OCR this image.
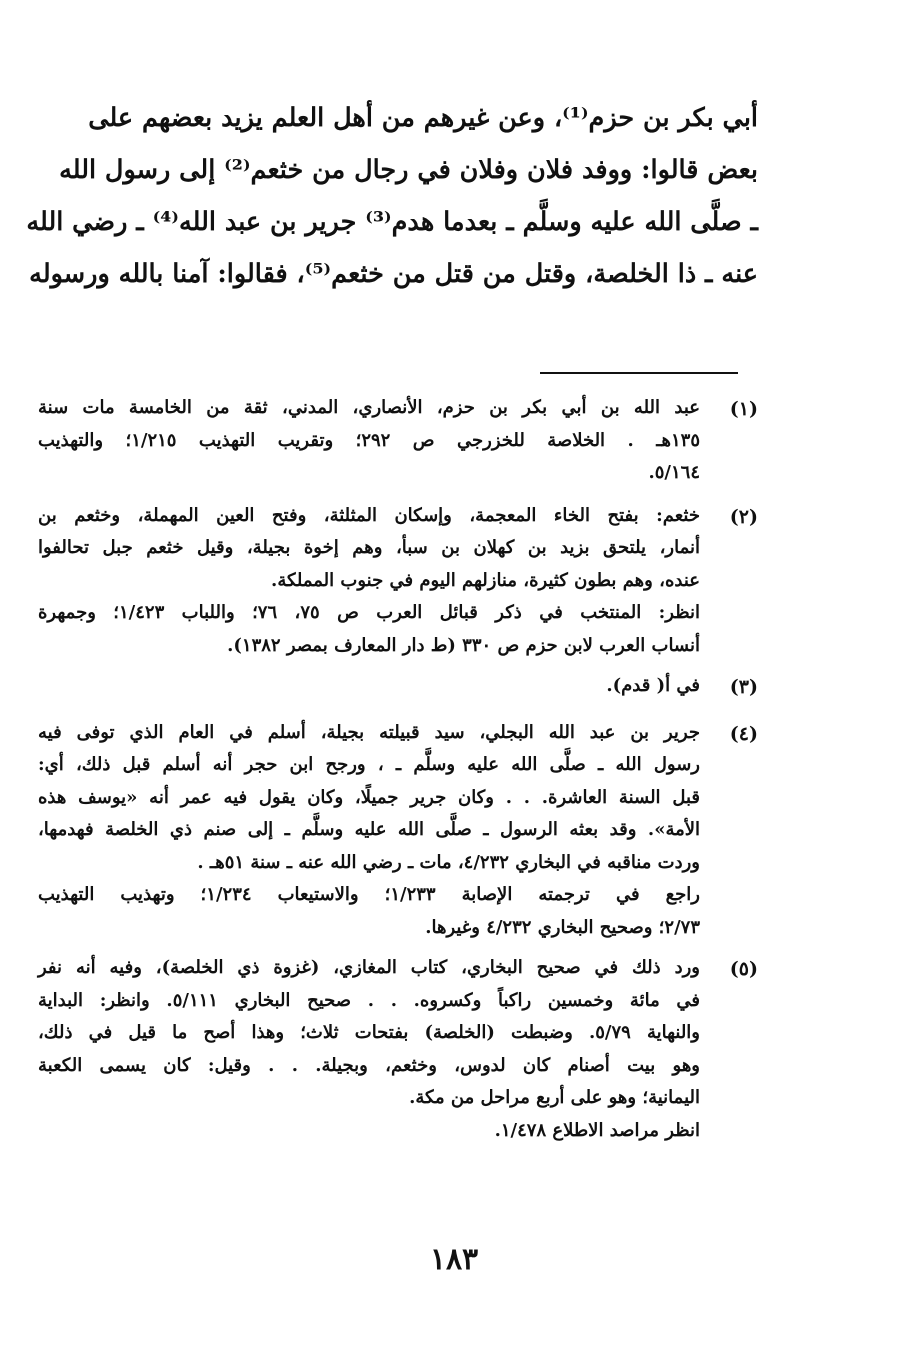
أبي بكر بن حزم⁽¹⁾، وعن غيرهم من أهل العلم يزيد بعضهم على
بعض قالوا: ووفد فلان وفلان في رجال من خثعم⁽²⁾ إلى رسول الله
ـ صلَّى الله عليه وسلَّم ـ بعدما هدم⁽³⁾ جرير بن عبد الله⁽⁴⁾ ـ رضي الله
عنه ـ ذا الخلصة، وقتل من قتل من خثعم⁽⁵⁾، فقالوا: آمنا بالله ورسوله
(١)
عبد الله بن أبي بكر بن حزم، الأنصاري، المدني، ثقة من الخامسة مات سنة
١٣٥هـ . الخلاصة للخزرجي ص ٢٩٢؛ وتقريب التهذيب ١/٢١٥؛ والتهذيب
٥/١٦٤.
(٢)
خثعم: بفتح الخاء المعجمة، وإسكان المثلثة، وفتح العين المهملة، وخثعم بن
أنمار، يلتحق بزيد بن كهلان بن سبأ، وهم إخوة بجيلة، وقيل خثعم جبل تحالفوا
عنده، وهم بطون كثيرة، منازلهم اليوم في جنوب المملكة.
انظر: المنتخب في ذكر قبائل العرب ص ٧٥، ٧٦؛ واللباب ١/٤٢٣؛ وجمهرة
أنساب العرب لابن حزم ص ٣٣٠ (ط دار المعارف بمصر ١٣٨٢).
(٣)
في أ( قدم).
(٤)
جرير بن عبد الله البجلي، سيد قبيلته بجيلة، أسلم في العام الذي توفى فيه
رسول الله ـ صلَّى الله عليه وسلَّم ـ ، ورجح ابن حجر أنه أسلم قبل ذلك، أي:
قبل السنة العاشرة. . . وكان جرير جميلًا، وكان يقول فيه عمر أنه «يوسف هذه
الأمة». وقد بعثه الرسول ـ صلَّى الله عليه وسلَّم ـ إلى صنم ذي الخلصة فهدمها،
وردت مناقبه في البخاري ٤/٢٣٢، مات ـ رضي الله عنه ـ سنة ٥١هـ .
راجع في ترجمته الإصابة ١/٢٣٣؛ والاستيعاب ١/٢٣٤؛ وتهذيب التهذيب
٢/٧٣؛ وصحيح البخاري ٤/٢٣٢ وغيرها.
(٥)
ورد ذلك في صحيح البخاري، كتاب المغازي، (غزوة ذي الخلصة)، وفيه أنه نفر
في مائة وخمسين راكباً وكسروه. . . صحيح البخاري ٥/١١١. وانظر: البداية
والنهاية ٥/٧٩. وضبطت (الخلصة) بفتحات ثلاث؛ وهذا أصح ما قيل في ذلك،
وهو بيت أصنام كان لدوس، وخثعم، وبجيلة. . . وقيل: كان يسمى الكعبة
اليمانية؛ وهو على أربع مراحل من مكة.
انظر مراصد الاطلاع ١/٤٧٨.
١٨٣
